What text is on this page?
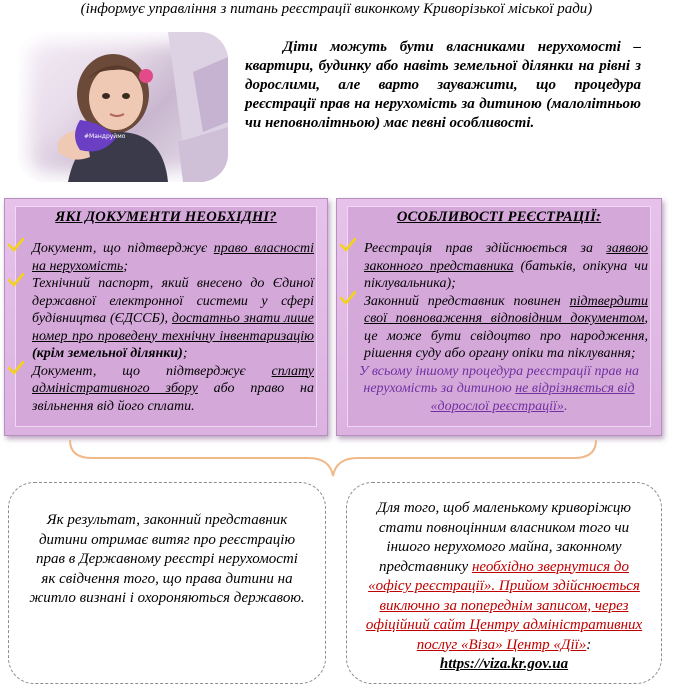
(інформує управління з питань реєстрації виконкому Криворізької міської ради)
#Мандруймо
Діти можуть бути власниками нерухомості – квартири, будинку або навіть земельної ділянки на рівні з дорослими, але варто зауважити, що процедура реєстрації прав на нерухомість за дитиною (малолітньою чи неповнолітньою) має певні особливості.
ЯКІ ДОКУМЕНТИ НЕОБХІДНІ?
Документ, що підтверджує право власності на нерухомість;
Технічний паспорт, який внесено до Єдиної державної електронної системи у сфері будівництва (ЄДССБ), достатньо знати лише номер про проведену технічну інвентаризацію (крім земельної ділянки);
Документ, що підтверджує сплату адміністративного збору або право на звільнення від його сплати.
ОСОБЛИВОСТІ РЕЄСТРАЦІЇ:
Реєстрація прав здійснюється за заявою законного представника (батьків, опікуна чи піклувальника);
Законний представник повинен підтвердити свої повноваження відповідним документом, це може бути свідоцтво про народження, рішення суду або органу опіки та піклування;
У всьому іншому процедура реєстрації прав на нерухомість за дитиною не відрізняється від «дорослої реєстрації».
Як результат, законний представник дитини отримає витяг про реєстрацію прав в Державному реєстрі нерухомості як свідчення того, що права дитини на житло визнані і охороняються державою.
Для того, щоб маленькому криворіжцю стати повноцінним власником того чи іншого нерухомого майна, законному представнику необхідно звернутися до «офісу реєстрації». Прийом здійснюється виключно за попереднім записом, через офіційний сайт Центру адміністративних послуг «Віза» Центр «Дії»: https://viza.kr.gov.ua
